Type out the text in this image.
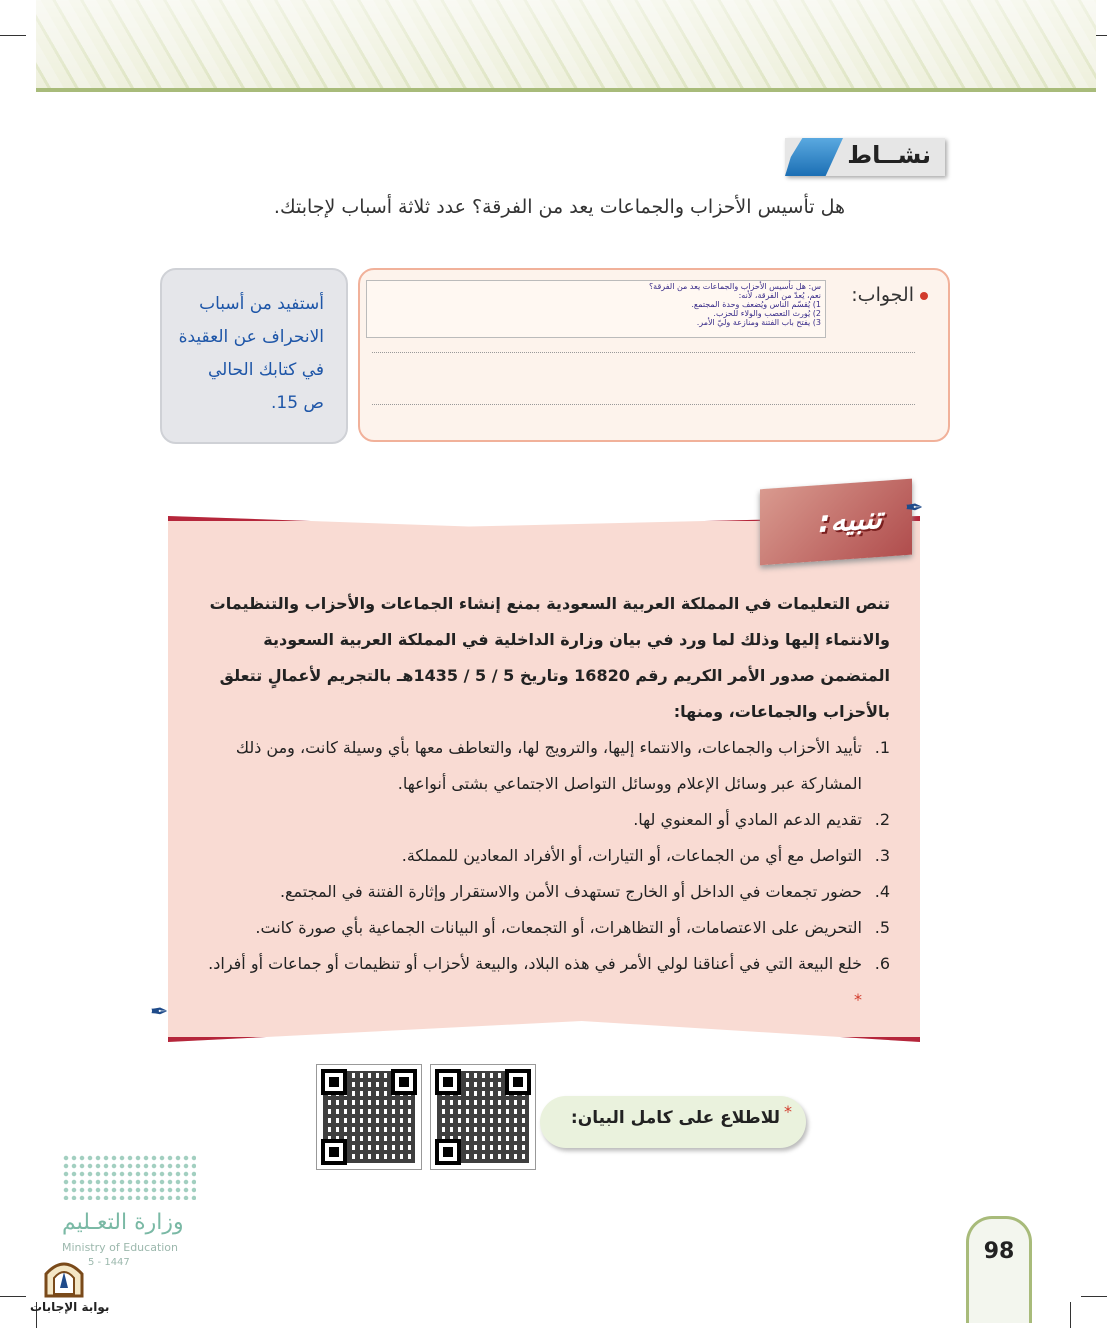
نشــاط
هل تأسيس الأحزاب والجماعات يعد من الفرقة؟ عدد ثلاثة أسباب لإجابتك.
الجواب:
س: هل تأسيس الأحزاب والجماعات يعد من الفرقة؟
نعم، يُعدّ من الفرقة، لأنه:
1) يُقسّم الناس ويُضعف وحدة المجتمع.
2) يُورث التعصب والولاء للحزب.
3) يفتح باب الفتنة ومنازعة وليّ الأمر.
أستفيد من أسباب
الانحراف عن العقيدة
في كتابك الحالي
ص 15.
تنبيه: ✒
✒

تنص التعليمات في المملكة العربية السعودية بمنع إنشاء الجماعات والأحزاب والتنظيمات والانتماء إليها وذلك لما ورد في بيان وزارة الداخلية في المملكة العربية السعودية المتضمن صدور الأمر الكريم رقم 16820 وتاريخ 5 / 5 / 1435هـ بالتجريم لأعمالٍ تتعلق بالأحزاب والجماعات، ومنها:

1.
تأييد الأحزاب والجماعات، والانتماء إليها، والترويج لها، والتعاطف معها بأي وسيلة كانت، ومن ذلك المشاركة عبر وسائل الإعلام ووسائل التواصل الاجتماعي بشتى أنواعها.
2.
تقديم الدعم المادي أو المعنوي لها.
3.
التواصل مع أي من الجماعات، أو التيارات، أو الأفراد المعادين للمملكة.
4.
حضور تجمعات في الداخل أو الخارج تستهدف الأمن والاستقرار وإثارة الفتنة في المجتمع.
5.
التحريض على الاعتصامات، أو التظاهرات، أو التجمعات، أو البيانات الجماعية بأي صورة كانت.
6.
خلع البيعة التي في أعناقنا لولي الأمر في هذه البلاد، والبيعة لأحزاب أو تنظيمات أو جماعات أو أفراد. *
*
للاطلاع على كامل البيان:
وزارة التعـليم
Ministry of Education
5 - 1447
بوابة الإجابات
98
